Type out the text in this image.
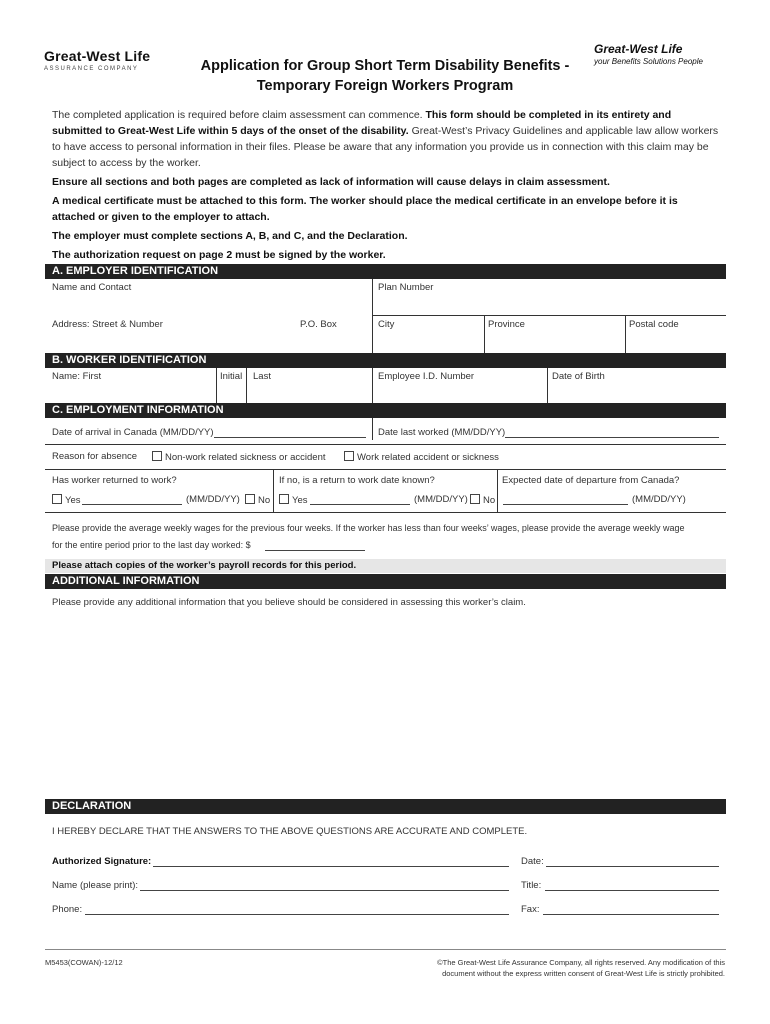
Great-West Life
ASSURANCE COMPANY
Great-West Life
your Benefits Solutions People
Application for Group Short Term Disability Benefits -
Temporary Foreign Workers Program

The completed application is required before claim assessment can commence. This form should be completed in its entirety and submitted to Great-West Life within 5 days of the onset of the disability. Great-West’s Privacy Guidelines and applicable law allow workers to have access to personal information in their files. Please be aware that any information you provide us in connection with this claim may be subject to access by the worker.

Ensure all sections and both pages are completed as lack of information will cause delays in claim assessment.

A medical certificate must be attached to this form. The worker should place the medical certificate in an envelope before it is attached or given to the employer to attach.

The employer must complete sections A, B, and C, and the Declaration.

The authorization request on page 2 must be signed by the worker.

A. EMPLOYER IDENTIFICATION
Name and Contact	Plan Number
Address: Street & Number	P.O. Box	City	Province	Postal code
B. WORKER IDENTIFICATION
Name: First	Initial Last	Employee I.D. Number	Date of Birth
C. EMPLOYMENT INFORMATION
Date of arrival in Canada (MM/DD/YY)	Date last worked (MM/DD/YY)
Reason for absence	Non-work related sickness or accident	Work related accident or sickness
Has worker returned to work?
Yes	(MM/DD/YY)	No
If no, is a return to work date known?
Yes	(MM/DD/YY)	No
Expected date of departure from Canada?
(MM/DD/YY)
Please provide the average weekly wages for the previous four weeks. If the worker has less than four weeks’ wages, please provide the average weekly wage
for the entire period prior to the last day worked: $
Please attach copies of the worker’s payroll records for this period.
ADDITIONAL INFORMATION
Please provide any additional information that you believe should be considered in assessing this worker’s claim.
DECLARATION
I HEREBY DECLARE THAT THE ANSWERS TO THE ABOVE QUESTIONS ARE ACCURATE AND COMPLETE.
Authorized Signature:	Date:
Name (please print):	Title:
Phone:	Fax:
M5453(COWAN)-12/12	©The Great-West Life Assurance Company, all rights reserved. Any modification of this
document without the express written consent of Great-West Life is strictly prohibited.
